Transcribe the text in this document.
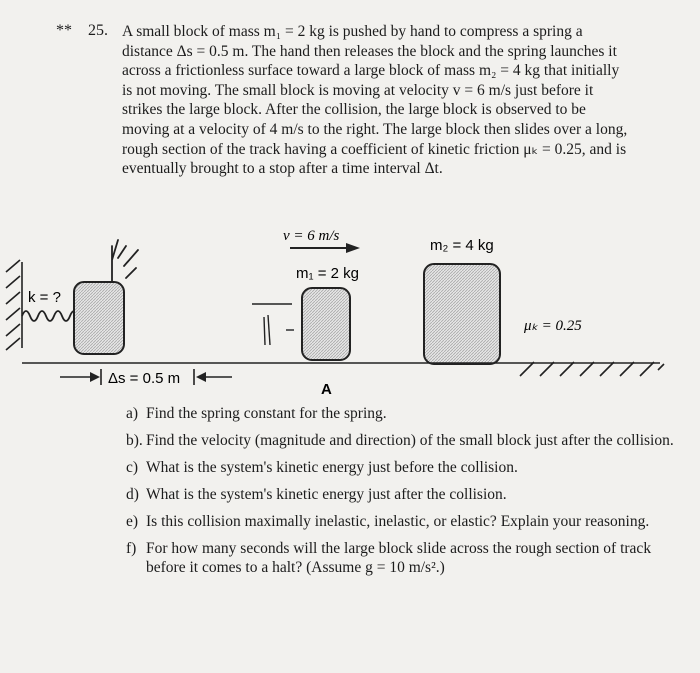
** 25. A small block of mass m₁ = 2 kg is pushed by hand to compress a spring a
distance Δs = 0.5 m. The hand then releases the block and the spring launches it
across a frictionless surface toward a large block of mass m₂ = 4 kg that initially
is not moving. The small block is moving at velocity v = 6 m/s just before it
strikes the large block. After the collision, the large block is observed to be
moving at a velocity of 4 m/s to the right. The large block then slides over a long,
rough section of the track having a coefficient of kinetic friction μₖ = 0.25, and is
eventually brought to a stop after a time interval Δt.
k = ?
v = 6 m/s
m₁ = 2 kg
m₂ = 4 kg
μₖ = 0.25
Δs = 0.5 m
A
a) Find the spring constant for the spring.
b). Find the velocity (magnitude and direction) of the small block just after the collision.
c) What is the system's kinetic energy just before the collision.
d) What is the system's kinetic energy just after the collision.
e) Is this collision maximally inelastic, inelastic, or elastic? Explain your reasoning.
f) For how many seconds will the large block slide across the rough section of track before it comes to a halt? (Assume g = 10 m/s².)
